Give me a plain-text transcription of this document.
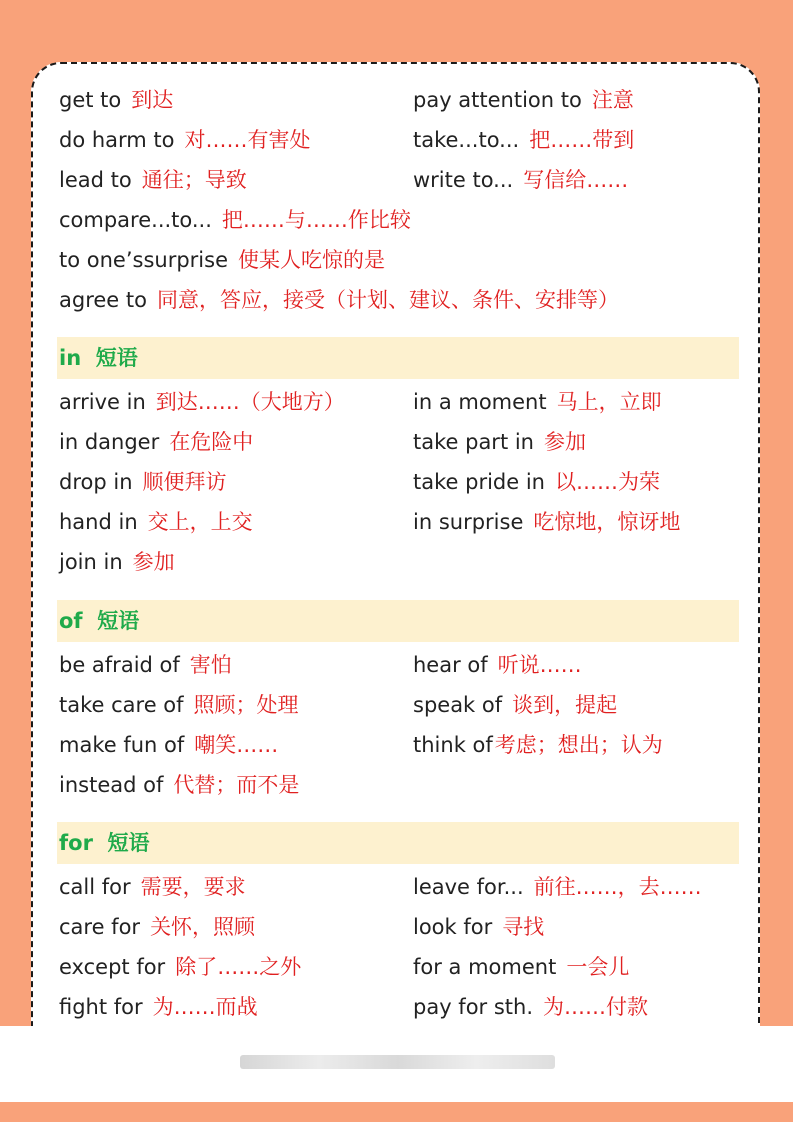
get to 到达	pay attention to 注意
do harm to 对……有害处	take...to... 把……带到
lead to 通往；导致	write to... 写信给……
compare...to... 把……与……作比较
to one’ssurprise 使某人吃惊的是
agree to 同意，答应，接受（计划、建议、条件、安排等）
in 短语
arrive in 到达……（大地方）	in a moment 马上，立即
in danger 在危险中	take part in 参加
drop in 顺便拜访	take pride in 以……为荣
hand in 交上，上交	in surprise 吃惊地，惊讶地
join in 参加
of 短语
be afraid of 害怕	hear of 听说……
take care of 照顾；处理	speak of 谈到，提起
make fun of 嘲笑……	think of考虑；想出；认为
instead of 代替；而不是
for 短语
call for 需要，要求	leave for... 前往……，去……
care for 关怀，照顾	look for 寻找
except for 除了……之外	for a moment 一会儿
fight for 为……而战	pay for sth. 为……付款
